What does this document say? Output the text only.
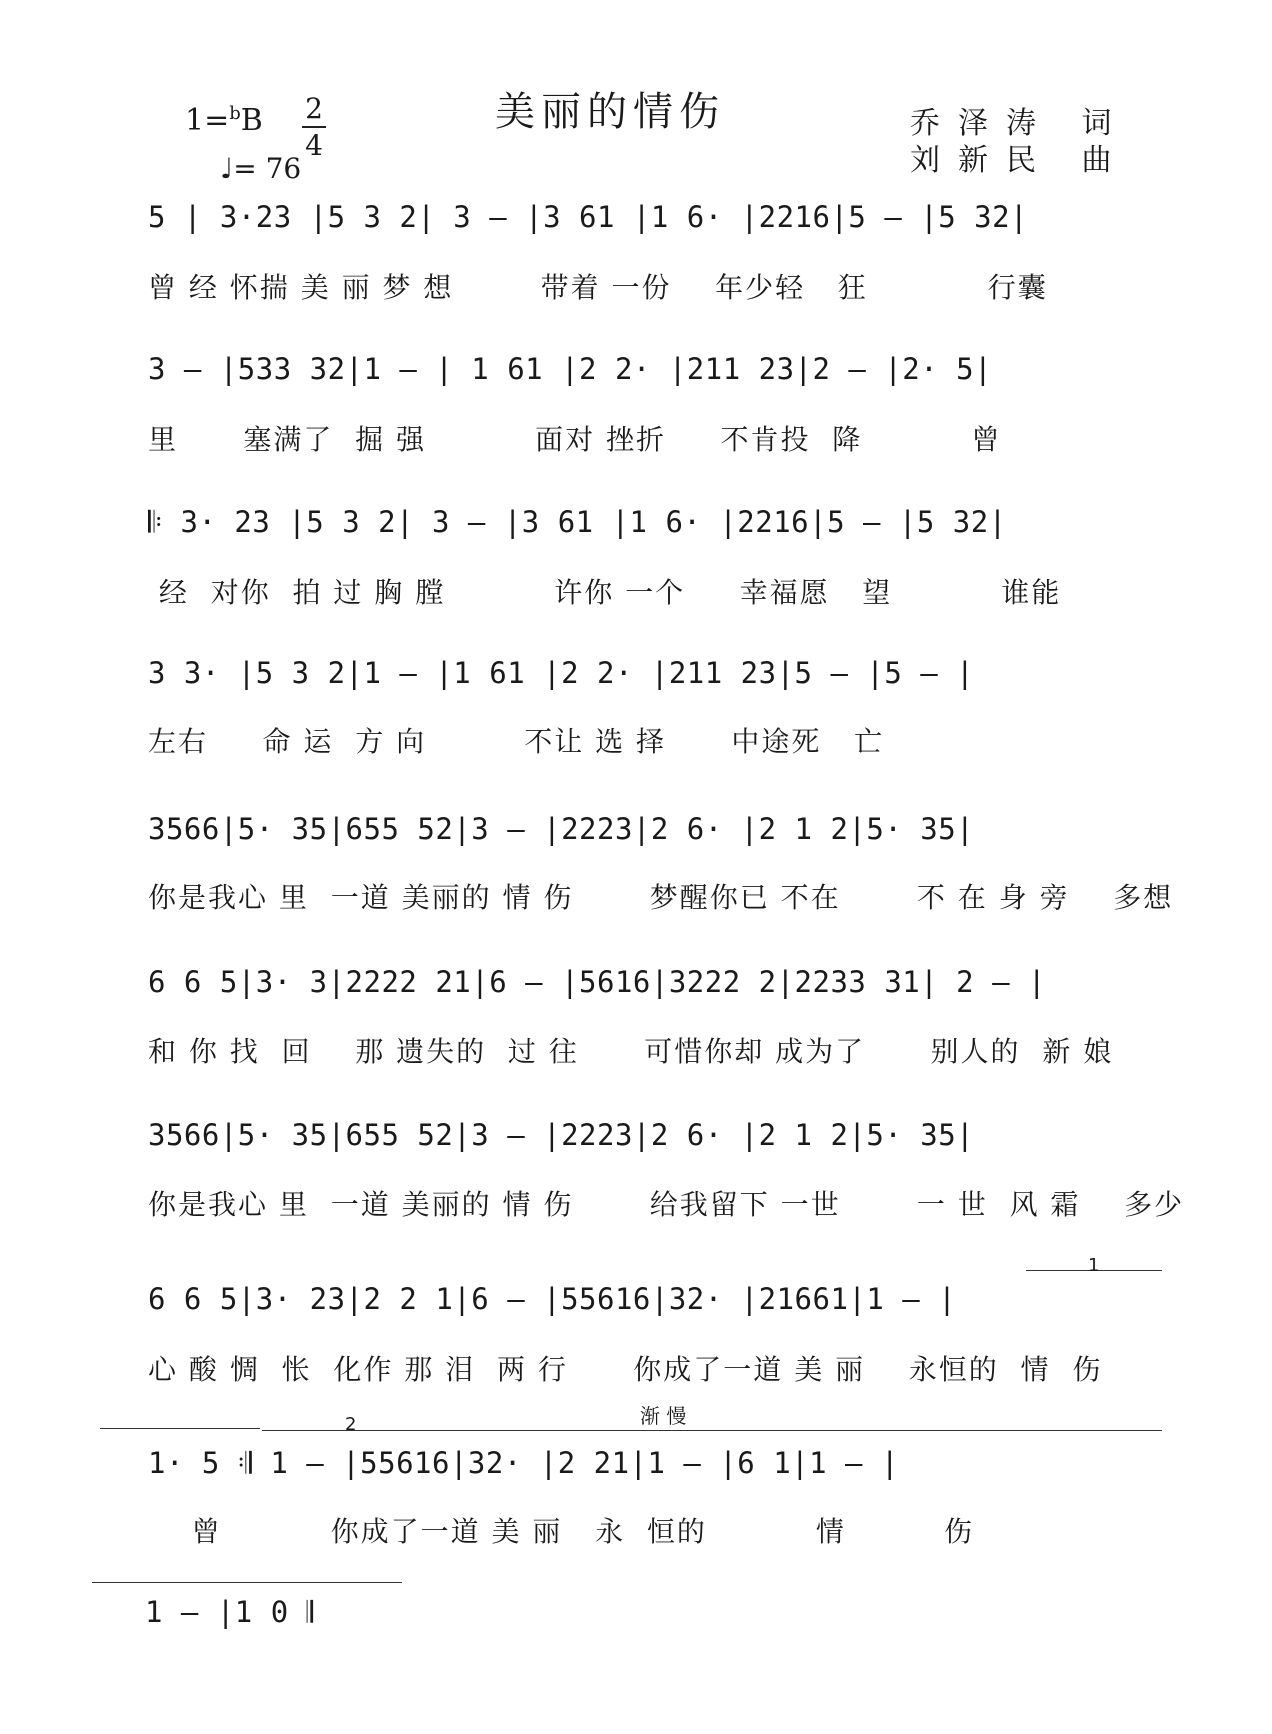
1=$^b$B 2
4
♩= 76
美丽的情伤	乔泽涛 词
刘新民 曲
5 | 3·23 |5 3 2| 3 — |3 61 |1 6· |2216|5 — |5 32|
曾 经 怀揣 美 丽 梦 想        带着 一份    年少轻   狂           行囊
3 — |533 32|1 — | 1 61 |2 2· |211 23|2 — |2· 5|
里      塞满了  掘 强          面对 挫折     不肯投  降          曾
𝄆 3· 23 |5 3 2| 3 — |3 61 |1 6· |2216|5 — |5 32|
经  对你  拍 过 胸 膛          许你 一个     幸福愿   望          谁能
3 3· |5 3 2|1 — |1 61 |2 2· |211 23|5 — |5 — |
左右     命 运  方 向         不让 选 择      中途死   亡
3566|5· 35|655 52|3 — |2223|2 6· |2 1 2|5· 35|
你是我心 里  一道 美丽的 情 伤       梦醒你已 不在       不 在 身 旁    多想
6 6 5|3· 3|2222 21|6 — |5616|3222 2|2233 31| 2 — |
和 你 找  回    那 遗失的  过 往      可惜你却 成为了      别人的  新 娘
3566|5· 35|655 52|3 — |2223|2 6· |2 1 2|5· 35|
你是我心 里  一道 美丽的 情 伤       给我留下 一世       一 世  风 霜    多少
1
6 6 5|3· 23|2 2 1|6 — |55616|32· |21661|1 — |
心 酸 惆  怅  化作 那 泪  两 行      你成了一道 美 丽    永恒的  情  伤
渐 慢
2
1· 5 𝄇 1 — |55616|32· |2 21|1 — |6 1|1 — |
曾          你成了一道 美 丽   永  恒的          情         伤
1 — |1 0 𝄂
